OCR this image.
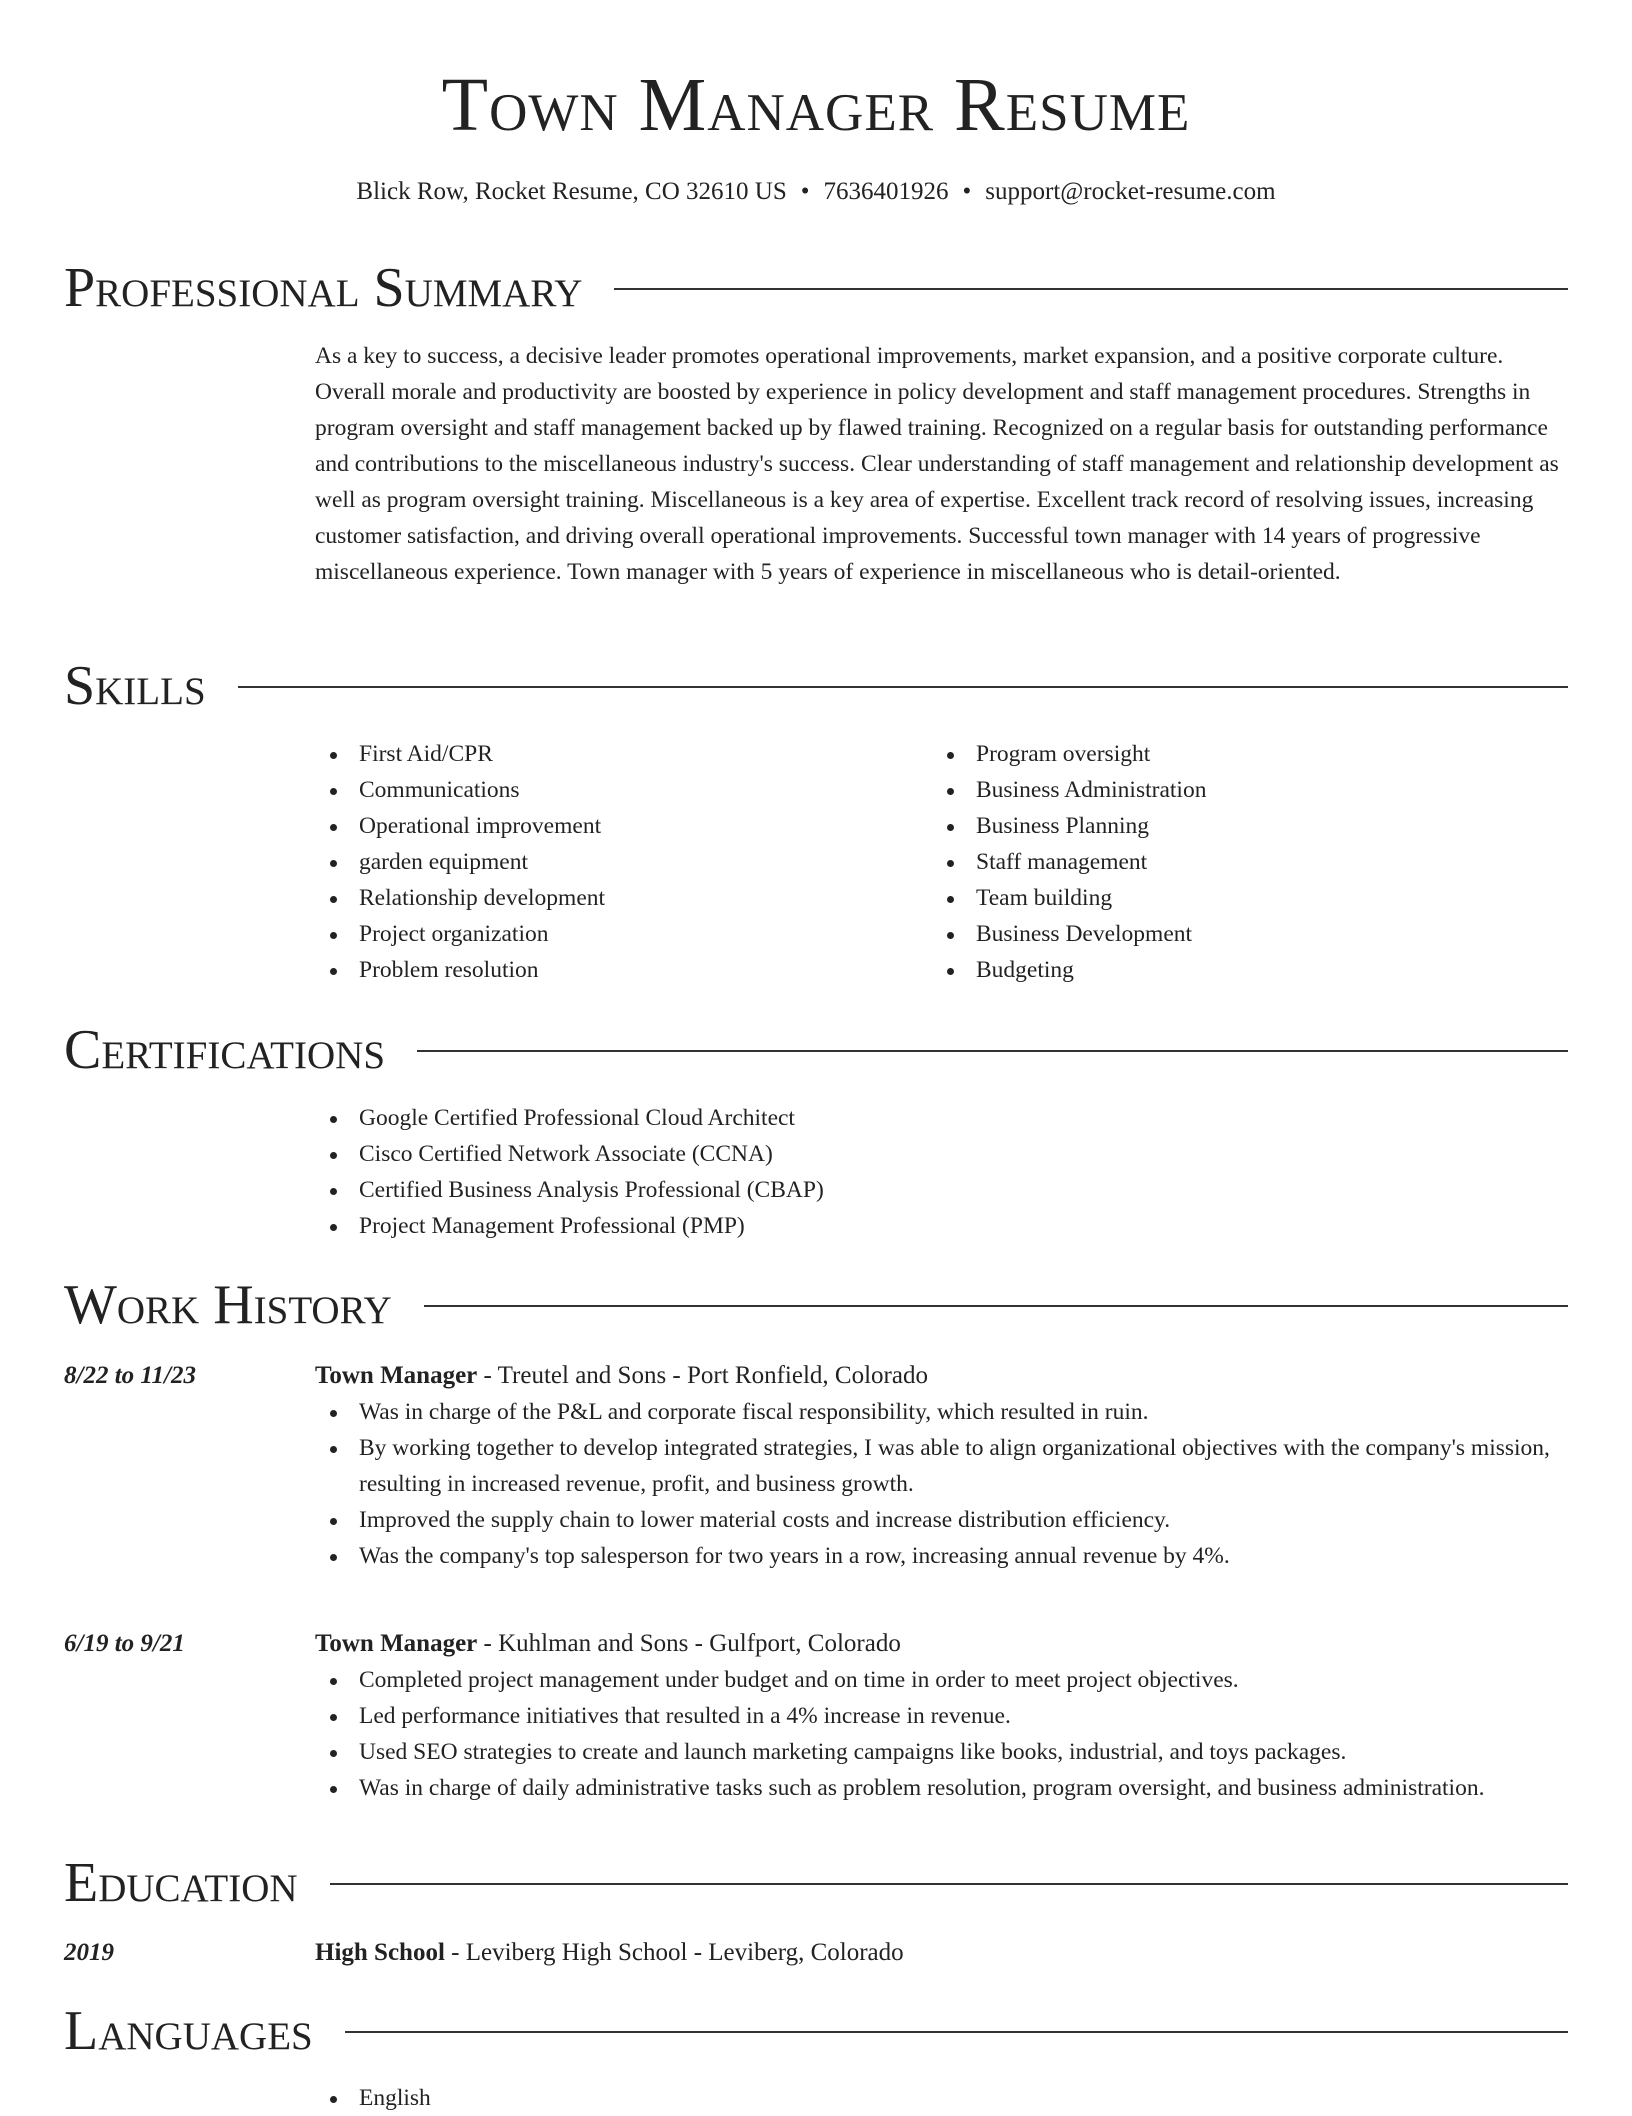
Town Manager Resume
Blick Row, Rocket Resume, CO 32610 US • 7636401926 • support@rocket-resume.com
Professional Summary

As a key to success, a decisive leader promotes operational improvements, market expansion, and a positive corporate culture. Overall morale and productivity are boosted by experience in policy development and staff management procedures. Strengths in program oversight and staff management backed up by flawed training. Recognized on a regular basis for outstanding performance and contributions to the miscellaneous industry's success. Clear understanding of staff management and relationship development as well as program oversight training. Miscellaneous is a key area of expertise. Excellent track record of resolving issues, increasing customer satisfaction, and driving overall operational improvements. Successful town manager with 14 years of progressive miscellaneous experience. Town manager with 5 years of experience in miscellaneous who is detail-oriented.

Skills
First Aid/CPR
Communications
Operational improvement
garden equipment
Relationship development
Project organization
Problem resolution
Program oversight
Business Administration
Business Planning
Staff management
Team building
Business Development
Budgeting
Certifications
Google Certified Professional Cloud Architect
Cisco Certified Network Associate (CCNA)
Certified Business Analysis Professional (CBAP)
Project Management Professional (PMP)
Work History
8/22 to 11/23	Town Manager - Treutel and Sons - Port Ronfield, Colorado
Was in charge of the P&L and corporate fiscal responsibility, which resulted in ruin.
By working together to develop integrated strategies, I was able to align organizational objectives with the company's mission, resulting in increased revenue, profit, and business growth.
Improved the supply chain to lower material costs and increase distribution efficiency.
Was the company's top salesperson for two years in a row, increasing annual revenue by 4%.
6/19 to 9/21	Town Manager - Kuhlman and Sons - Gulfport, Colorado
Completed project management under budget and on time in order to meet project objectives.
Led performance initiatives that resulted in a 4% increase in revenue.
Used SEO strategies to create and launch marketing campaigns like books, industrial, and toys packages.
Was in charge of daily administrative tasks such as problem resolution, program oversight, and business administration.
Education
2019	High School - Leviberg High School - Leviberg, Colorado
Languages
English
